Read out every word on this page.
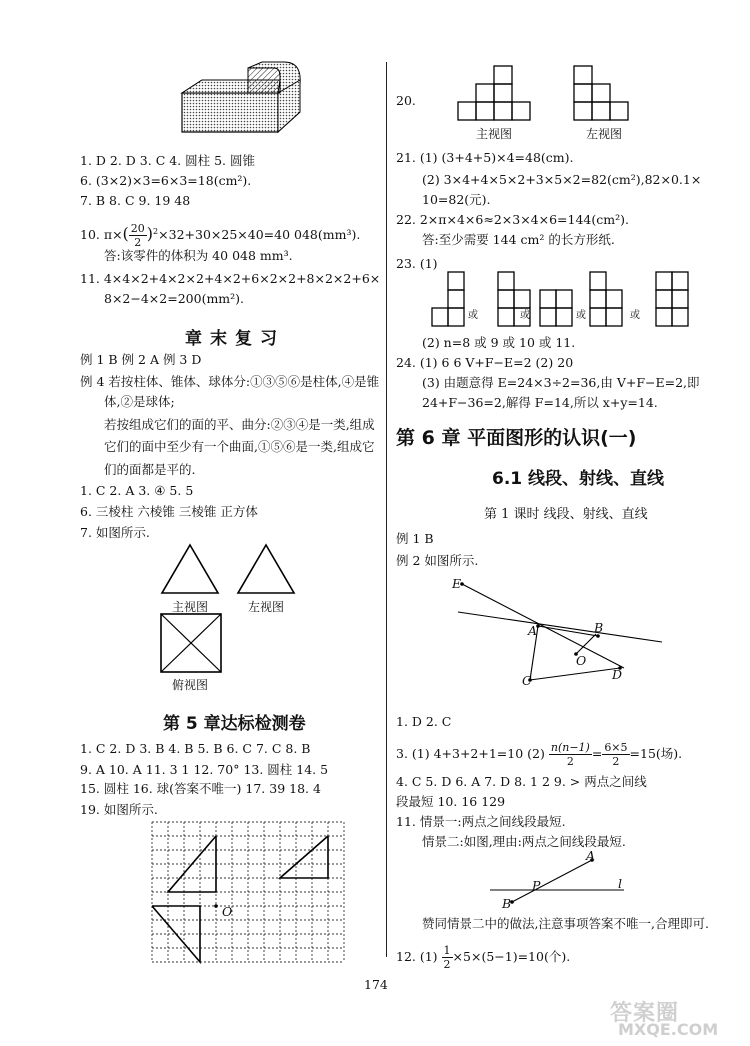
1. D 2. D 3. C 4. 圆柱 5. 圆锥
6. (3×2)×3=6×3=18(cm²).
7. B 8. C 9. 19 48
10. $\pi\times( \frac{20}{2} )^2\times 32+30\times 25\times 40=40$ 048(mm³).
答:该零件的体积为 40 048 mm³.
11. 4×4×2+4×2×2+4×2+6×2×2+8×2×2+6×
8×2−4×2=200(mm²).
章末复习
例 1 B 例 2 A 例 3 D
例 4 若按柱体、锥体、球体分:①③⑤⑥是柱体,④是锥
体,②是球体;
若按组成它们的面的平、曲分:②③④是一类,组成
它们的面中至少有一个曲面,①⑤⑥是一类,组成它
们的面都是平的.
1. C 2. A 3. ④ 5. 5
6. 三棱柱 六棱锥 三棱锥 正方体
7. 如图所示.
主视图	左视图
俯视图
第 5 章达标检测卷
1. C 2. D 3. B 4. B 5. B 6. C 7. C 8. B
9. A 10. A 11. 3 1 12. 70° 13. 圆柱 14. 5
15. 圆柱 16. 球(答案不唯一) 17. 39 18. 4
19. 如图所示.
O
20.
主视图	左视图
21. (1) (3+4+5)×4=48(cm).
(2) 3×4+4×5×2+3×5×2=82(cm²),82×0.1×
10=82(元).
22. 2×π×4×6≈2×3×4×6=144(cm²).
答:至少需要 144 cm² 的长方形纸.
23. (1)
或	或	或	或
(2) n=8 或 9 或 10 或 11.
24. (1) 6 6 V+F−E=2 (2) 20
(3) 由题意得 E=24×3÷2=36,由 V+F−E=2,即
24+F−36=2,解得 F=14,所以 x+y=14.
第 6 章 平面图形的认识(一)
6.1 线段、射线、直线
第 1 课时 线段、射线、直线
例 1 B
例 2 如图所示.
E
A	B
O
C	D
1. D 2. C
3. (1) 4+3+2+1=10 $(2) \frac{n(n-1)}{2} = \frac{6\times 5}{2} =15$(场).
4. C 5. D 6. A 7. D 8. 1 2 9. > 两点之间线
段最短 10. 16 129
11. 情景一:两点之间线段最短.
情景二:如图,理由:两点之间线段最短.
A
P
B
l
赞同情景二中的做法,注意事项答案不唯一,合理即可.
12. $(1) \frac{1}{2} \times 5\times(5-1)=10$(个).
174
答案圈
MXQE.COM
